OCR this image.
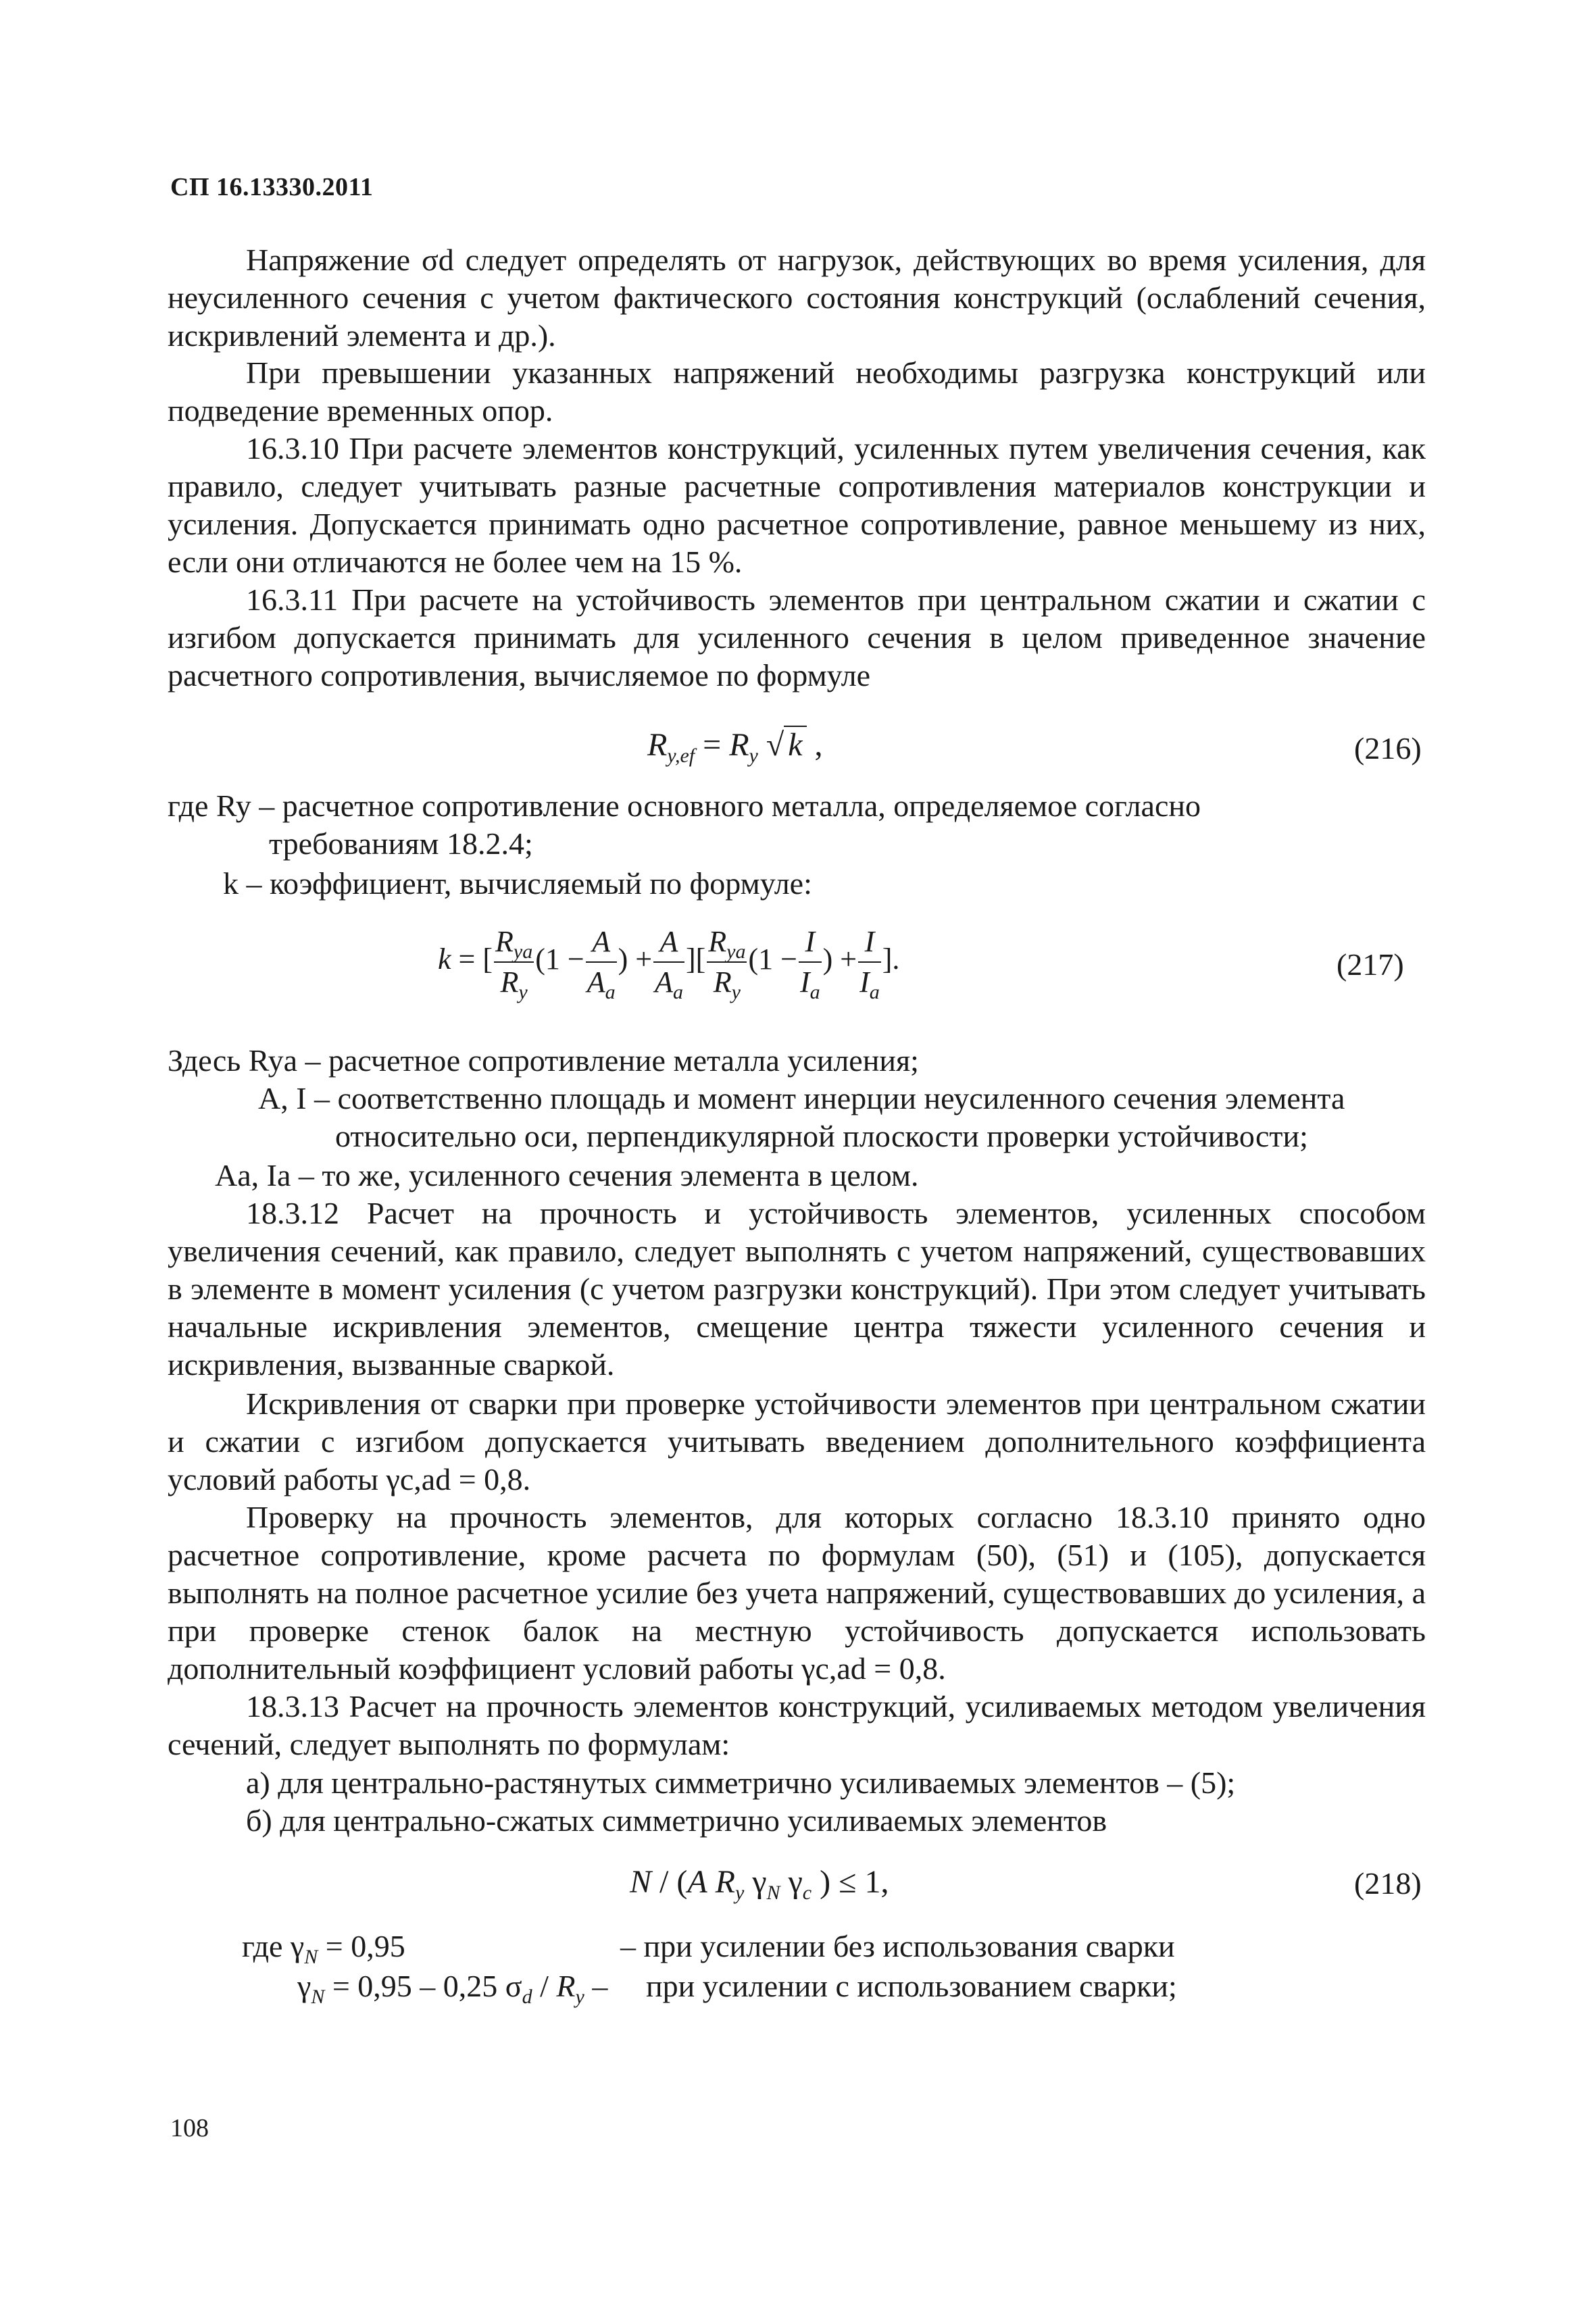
СП 16.13330.2011
Напряжение σd следует определять от нагрузок, действующих во время усиления, для неусиленного сечения с учетом фактического состояния конструкций (ослаблений сечения, искривлений элемента и др.).
При превышении указанных напряжений необходимы разгрузка конструкций или подведение временных опор.
16.3.10 При расчете элементов конструкций, усиленных путем увеличения сечения, как правило, следует учитывать разные расчетные сопротивления материалов конструкции и усиления. Допускается принимать одно расчетное сопротивление, равное меньшему из них, если они отличаются не более чем на 15 %.
16.3.11 При расчете на устойчивость элементов при центральном сжатии и сжатии с изгибом допускается принимать для усиленного сечения в целом приведенное значение расчетного сопротивления, вычисляемое по формуле
$R_{y,ef} = R_y$ √ k ,	(216)
где Ry – расчетное сопротивление основного металла, определяемое согласно
требованиям 18.2.4;
k – коэффициент, вычисляемый по формуле:
k = [ $\frac{R_{ya}}{R_y} (1 - \frac{A}{A_a}$ ) + $\frac{A}{A_a}$ ][ $\frac{R_{ya}}{R_y} (1 - \frac{I}{I_a}$ ) + $\frac{I}{I_a}$ ].	(217)
Здесь Rya – расчетное сопротивление металла усиления;
A, I – соответственно площадь и момент инерции неусиленного сечения элемента
относительно оси, перпендикулярной плоскости проверки устойчивости;
Aa, Ia – то же, усиленного сечения элемента в целом.
18.3.12 Расчет на прочность и устойчивость элементов, усиленных способом увеличения сечений, как правило, следует выполнять с учетом напряжений, существовавших в элементе в момент усиления (с учетом разгрузки конструкций). При этом следует учитывать начальные искривления элементов, смещение центра тяжести усиленного сечения и искривления, вызванные сваркой.
Искривления от сварки при проверке устойчивости элементов при центральном сжатии и сжатии с изгибом допускается учитывать введением дополнительного коэффициента условий работы γc,ad = 0,8.
Проверку на прочность элементов, для которых согласно 18.3.10 принято одно расчетное сопротивление, кроме расчета по формулам (50), (51) и (105), допускается выполнять на полное расчетное усилие без учета напряжений, существовавших до усиления, а при проверке стенок балок на местную устойчивость допускается использовать дополнительный коэффициент условий работы γc,ad = 0,8.
18.3.13 Расчет на прочность элементов конструкций, усиливаемых методом увеличения сечений, следует выполнять по формулам:
а) для центрально-растянутых симметрично усиливаемых элементов – (5);
б) для центрально-сжатых симметрично усиливаемых элементов
N / (A $R_y$ $\gamma_N$ $\gamma_c$ ) ≤ 1,	(218)
где $\gamma_N = 0,95$	– при усилении без использования сварки
$\gamma_N = 0,95 - 0,25$ $\sigma_d / R_y$ – при усилении с использованием сварки;
108
